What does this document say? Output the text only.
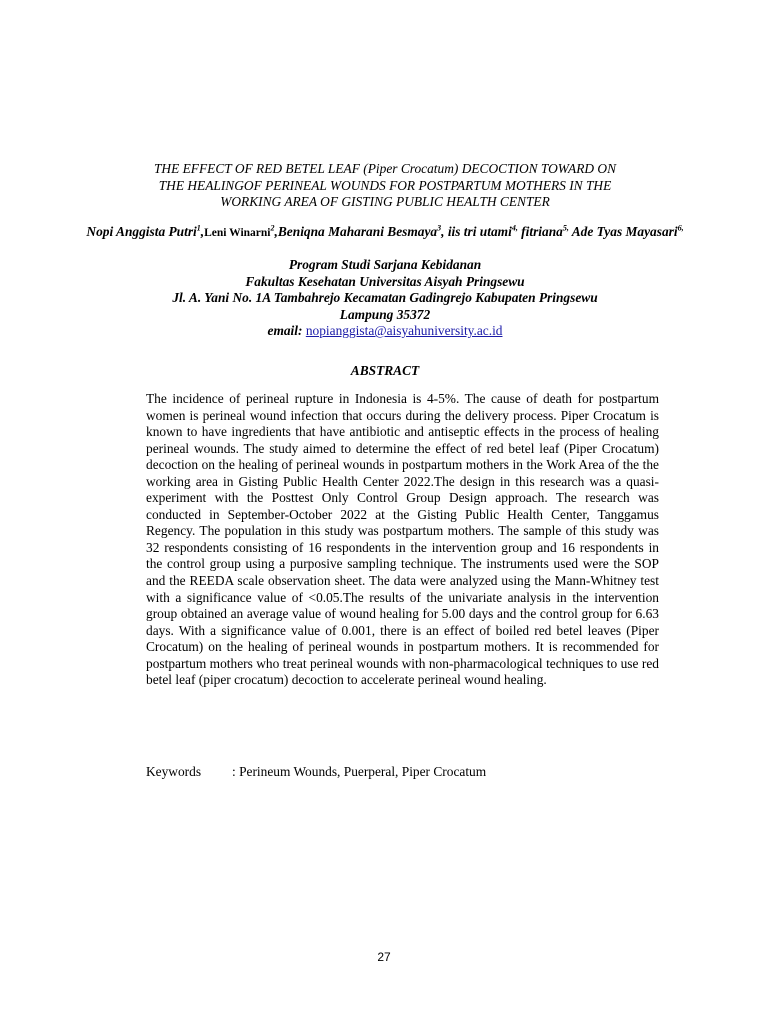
THE EFFECT OF RED BETEL LEAF (Piper Crocatum) DECOCTION TOWARD ON
THE HEALINGOF PERINEAL WOUNDS FOR POSTPARTUM MOTHERS IN THE
WORKING AREA OF GISTING PUBLIC HEALTH CENTER
Nopi Anggista Putri$^1$,Leni Winarni$^2$,Beniqna Maharani Besmaya$^3$, iis tri utami$^{4,}$ fitriana$^{5,}$ Ade Tyas Mayasari$^{6,}$
Program Studi Sarjana Kebidanan
Fakultas Kesehatan Universitas Aisyah Pringsewu
Jl. A. Yani No. 1A Tambahrejo Kecamatan Gadingrejo Kabupaten Pringsewu
Lampung 35372
email: nopianggista@aisyahuniversity.ac.id
ABSTRACT

The incidence of perineal rupture in Indonesia is 4-5%. The cause of death for postpartum women is perineal wound infection that occurs during the delivery process. Piper Crocatum is known to have ingredients that have antibiotic and antiseptic effects in the process of healing perineal wounds. The study aimed to determine the effect of red betel leaf (Piper Crocatum) decoction on the healing of perineal wounds in postpartum mothers in the Work Area of the the working area in Gisting Public Health Center 2022.The design in this research was a quasi-experiment with the Posttest Only Control Group Design approach. The research was conducted in September-October 2022 at the Gisting Public Health Center, Tanggamus Regency. The population in this study was postpartum mothers. The sample of this study was 32 respondents consisting of 16 respondents in the intervention group and 16 respondents in the control group using a purposive sampling technique. The instruments used were the SOP and the REEDA scale observation sheet. The data were analyzed using the Mann-Whitney test with a significance value of <0.05.The results of the univariate analysis in the intervention group obtained an average value of wound healing for 5.00 days and the control group for 6.63 days. With a significance value of 0.001, there is an effect of boiled red betel leaves (Piper Crocatum) on the healing of perineal wounds in postpartum mothers. It is recommended for postpartum mothers who treat perineal wounds with non-pharmacological techniques to use red betel leaf (piper crocatum) decoction to accelerate perineal wound healing.

Keywords : Perineum Wounds, Puerperal, Piper Crocatum
27
